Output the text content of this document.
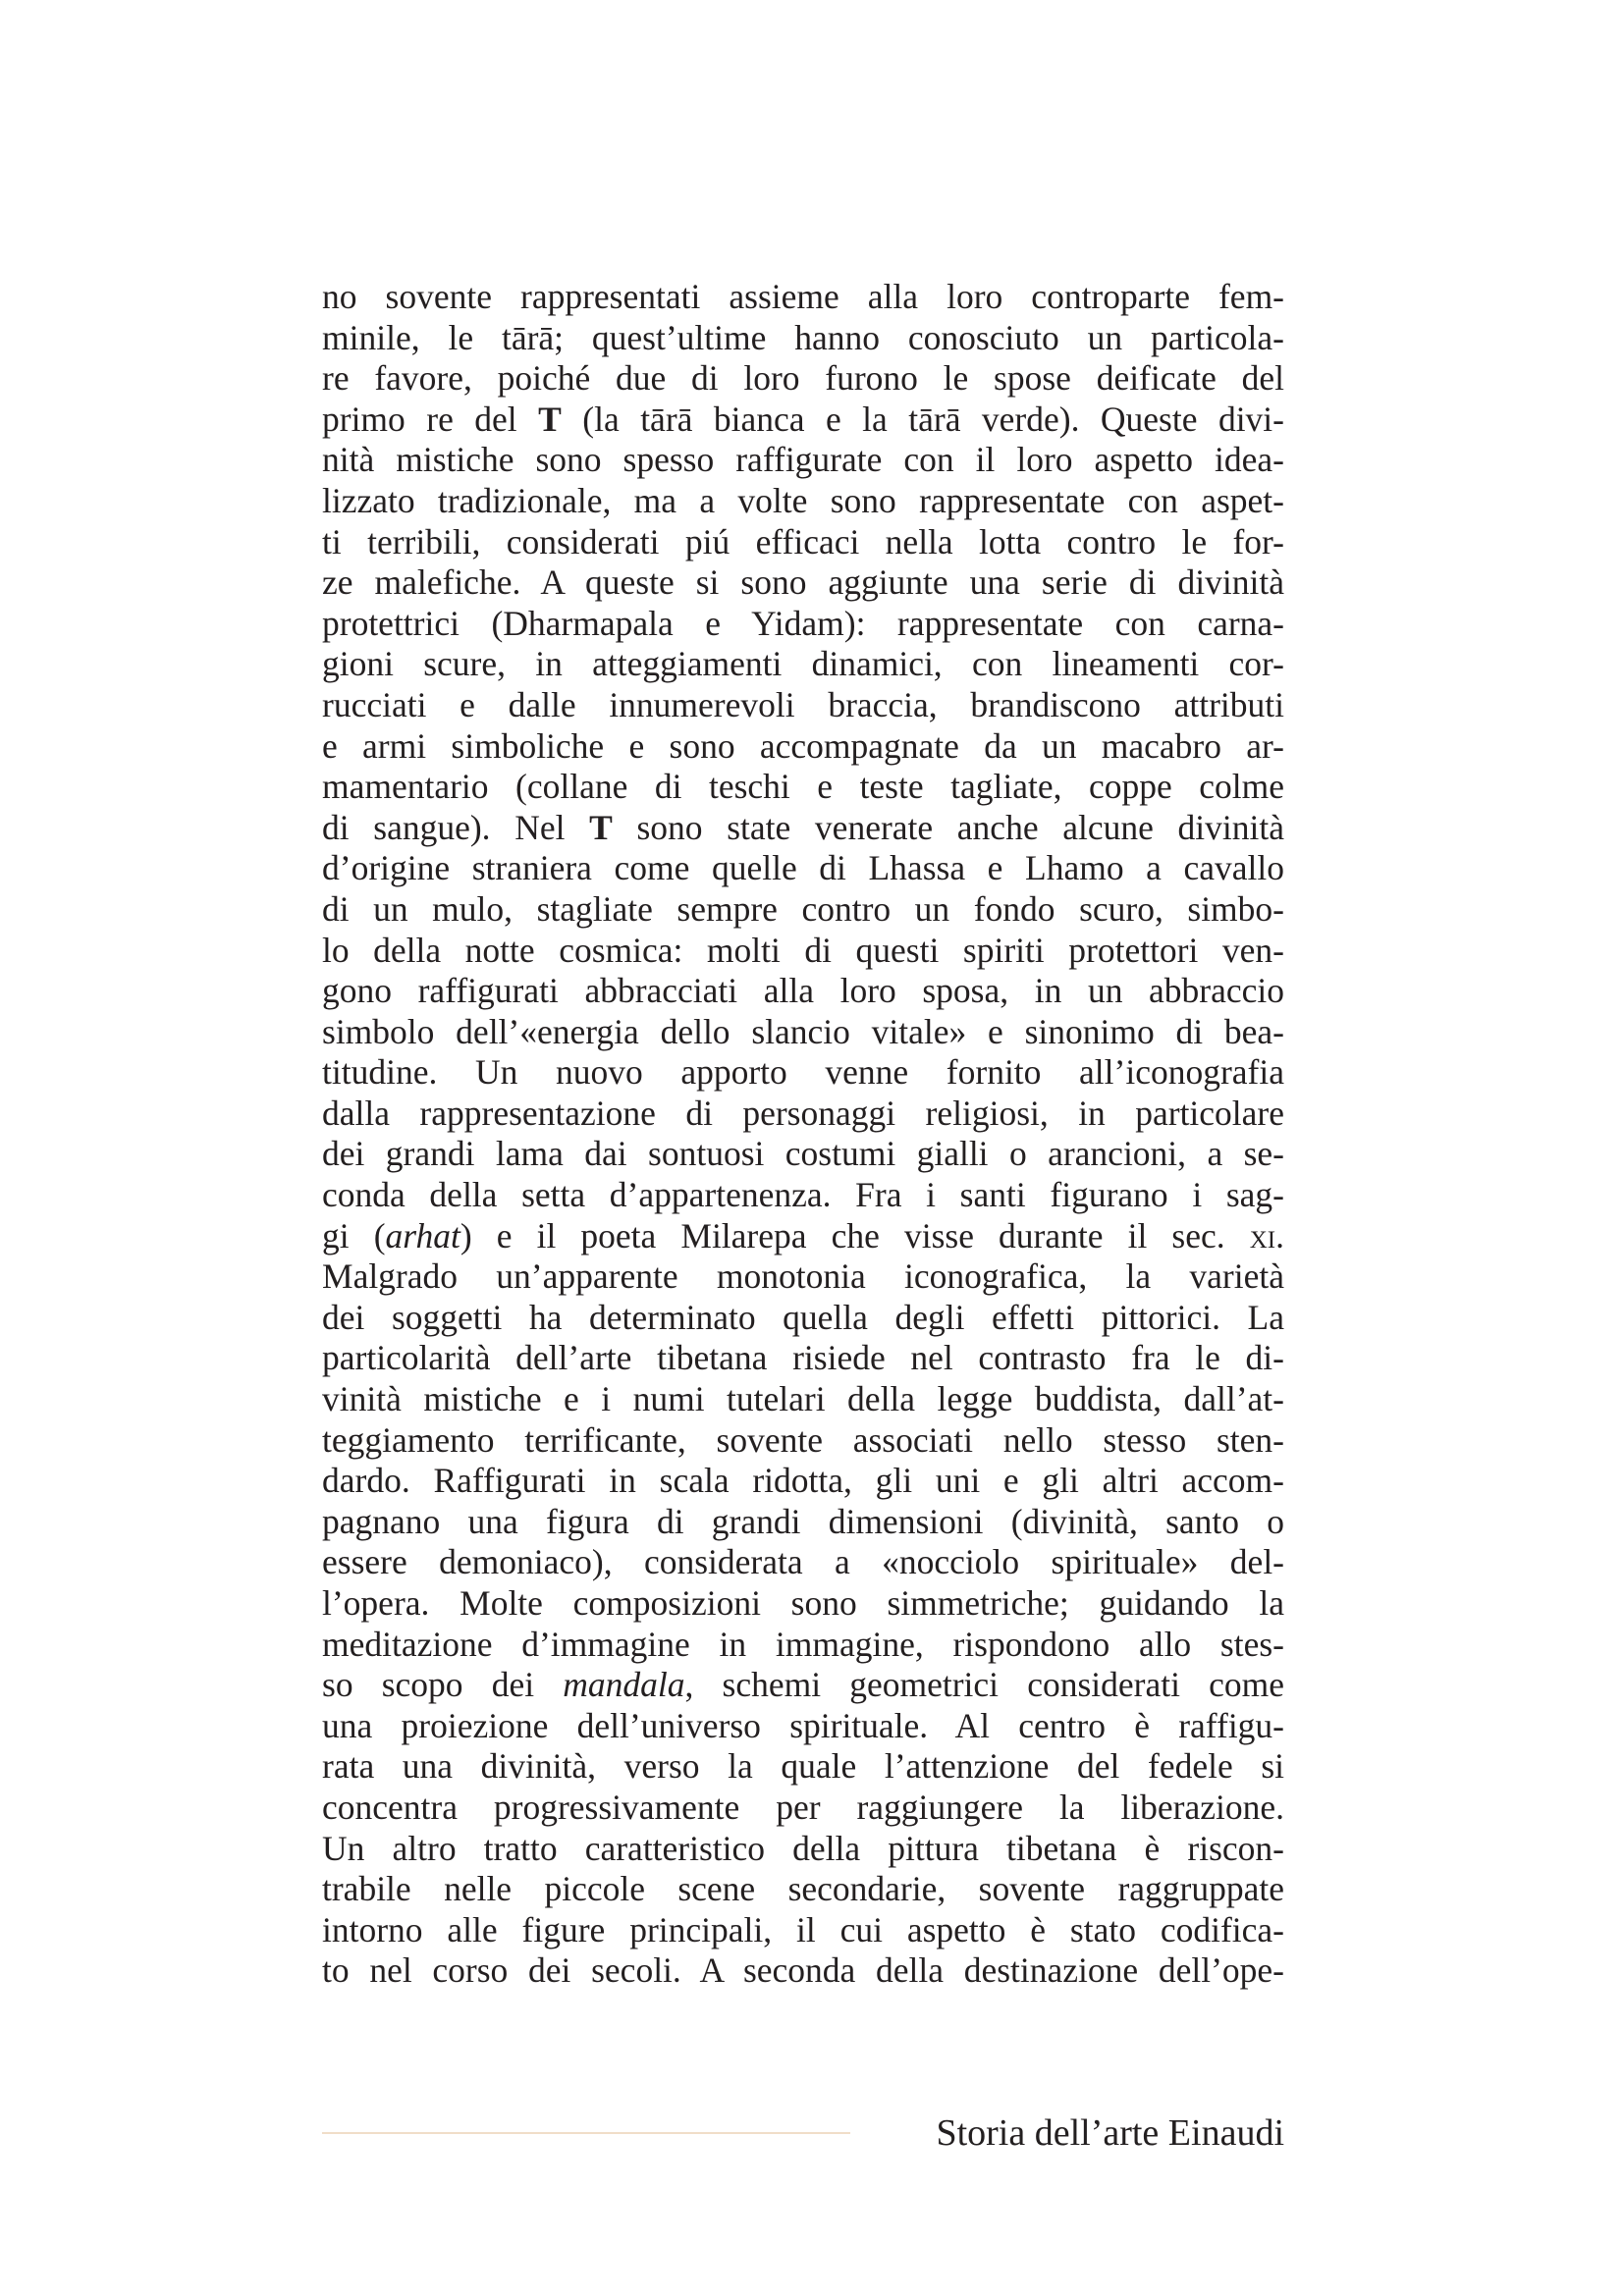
no sovente rappresentati assieme alla loro controparte fem-
minile, le tārā; quest’ultime hanno conosciuto un particola-
re favore, poiché due di loro furono le spose deificate del
primo re del T (la tārā bianca e la tārā verde). Queste divi-
nità mistiche sono spesso raffigurate con il loro aspetto idea-
lizzato tradizionale, ma a volte sono rappresentate con aspet-
ti terribili, considerati piú efficaci nella lotta contro le for-
ze malefiche. A queste si sono aggiunte una serie di divinità
protettrici (Dharmapala e Yidam): rappresentate con carna-
gioni scure, in atteggiamenti dinamici, con lineamenti cor-
rucciati e dalle innumerevoli braccia, brandiscono attributi
e armi simboliche e sono accompagnate da un macabro ar-
mamentario (collane di teschi e teste tagliate, coppe colme
di sangue). Nel T sono state venerate anche alcune divinità
d’origine straniera come quelle di Lhassa e Lhamo a cavallo
di un mulo, stagliate sempre contro un fondo scuro, simbo-
lo della notte cosmica: molti di questi spiriti protettori ven-
gono raffigurati abbracciati alla loro sposa, in un abbraccio
simbolo dell’«energia dello slancio vitale» e sinonimo di bea-
titudine. Un nuovo apporto venne fornito all’iconografia
dalla rappresentazione di personaggi religiosi, in particolare
dei grandi lama dai sontuosi costumi gialli o arancioni, a se-
conda della setta d’appartenenza. Fra i santi figurano i sag-
gi (arhat) e il poeta Milarepa che visse durante il sec. xi.
Malgrado un’apparente monotonia iconografica, la varietà
dei soggetti ha determinato quella degli effetti pittorici. La
particolarità dell’arte tibetana risiede nel contrasto fra le di-
vinità mistiche e i numi tutelari della legge buddista, dall’at-
teggiamento terrificante, sovente associati nello stesso sten-
dardo. Raffigurati in scala ridotta, gli uni e gli altri accom-
pagnano una figura di grandi dimensioni (divinità, santo o
essere demoniaco), considerata a «nocciolo spirituale» del-
l’opera. Molte composizioni sono simmetriche; guidando la
meditazione d’immagine in immagine, rispondono allo stes-
so scopo dei mandala, schemi geometrici considerati come
una proiezione dell’universo spirituale. Al centro è raffigu-
rata una divinità, verso la quale l’attenzione del fedele si
concentra progressivamente per raggiungere la liberazione.
Un altro tratto caratteristico della pittura tibetana è riscon-
trabile nelle piccole scene secondarie, sovente raggruppate
intorno alle figure principali, il cui aspetto è stato codifica-
to nel corso dei secoli. A seconda della destinazione dell’ope-
Storia dell’arte Einaudi
